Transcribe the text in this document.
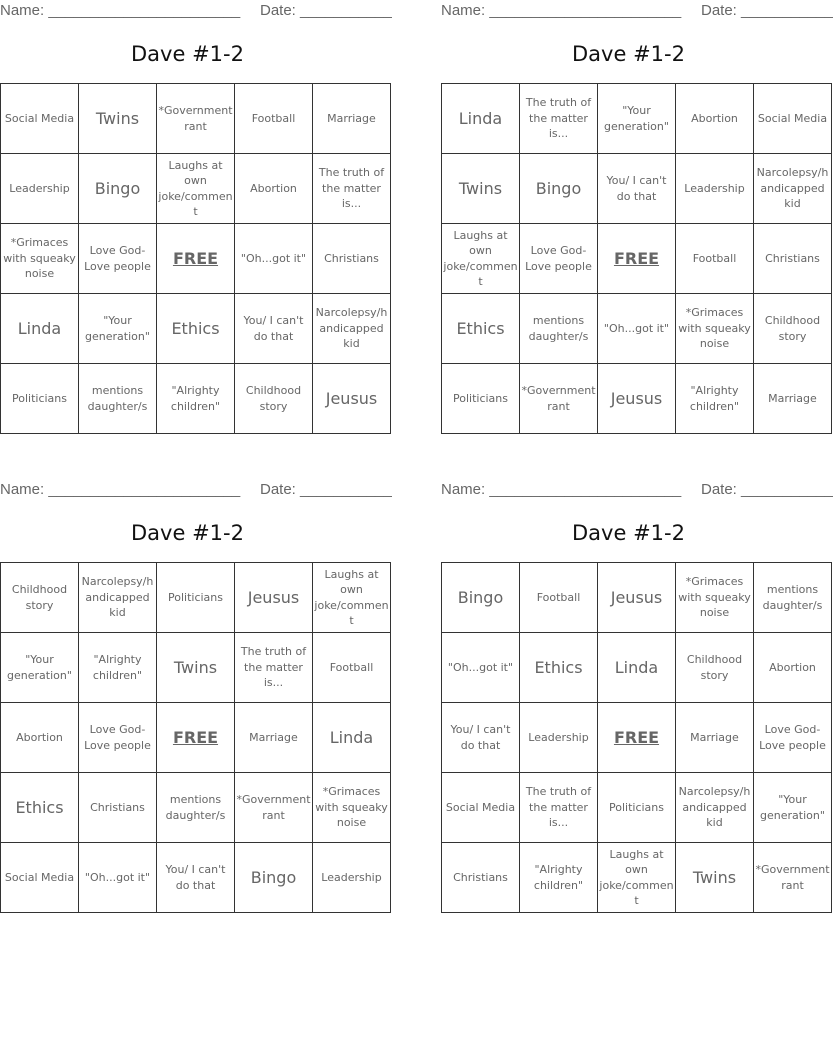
Name: _______________________ Date: ___________
Dave #1-2
Social Media	Twins	*Government rant	Football	Marriage
Leadership	Bingo	Laughs at own joke/comment	Abortion	The truth of the matter is...
*Grimaces with squeaky noise	Love God-Love people	FREE	"Oh...got it"	Christians
Linda	"Your generation"	Ethics	You/ I can't do that	Narcolepsy/handicapped kid
Politicians	mentions daughter/s	"Alrighty children"	Childhood story	Jeusus
Name: _______________________ Date: ___________
Dave #1-2
Linda	The truth of the matter is...	"Your generation"	Abortion	Social Media
Twins	Bingo	You/ I can't do that	Leadership	Narcolepsy/handicapped kid
Laughs at own joke/comment	Love God-Love people	FREE	Football	Christians
Ethics	mentions daughter/s	"Oh...got it"	*Grimaces with squeaky noise	Childhood story
Politicians	*Government rant	Jeusus	"Alrighty children"	Marriage
Name: _______________________ Date: ___________
Dave #1-2
Childhood story	Narcolepsy/handicapped kid	Politicians	Jeusus	Laughs at own joke/comment
"Your generation"	"Alrighty children"	Twins	The truth of the matter is...	Football
Abortion	Love God-Love people	FREE	Marriage	Linda
Ethics	Christians	mentions daughter/s	*Government rant	*Grimaces with squeaky noise
Social Media	"Oh...got it"	You/ I can't do that	Bingo	Leadership
Name: _______________________ Date: ___________
Dave #1-2
Bingo	Football	Jeusus	*Grimaces with squeaky noise	mentions daughter/s
"Oh...got it"	Ethics	Linda	Childhood story	Abortion
You/ I can't do that	Leadership	FREE	Marriage	Love God-Love people
Social Media	The truth of the matter is...	Politicians	Narcolepsy/handicapped kid	"Your generation"
Christians	"Alrighty children"	Laughs at own joke/comment	Twins	*Government rant
